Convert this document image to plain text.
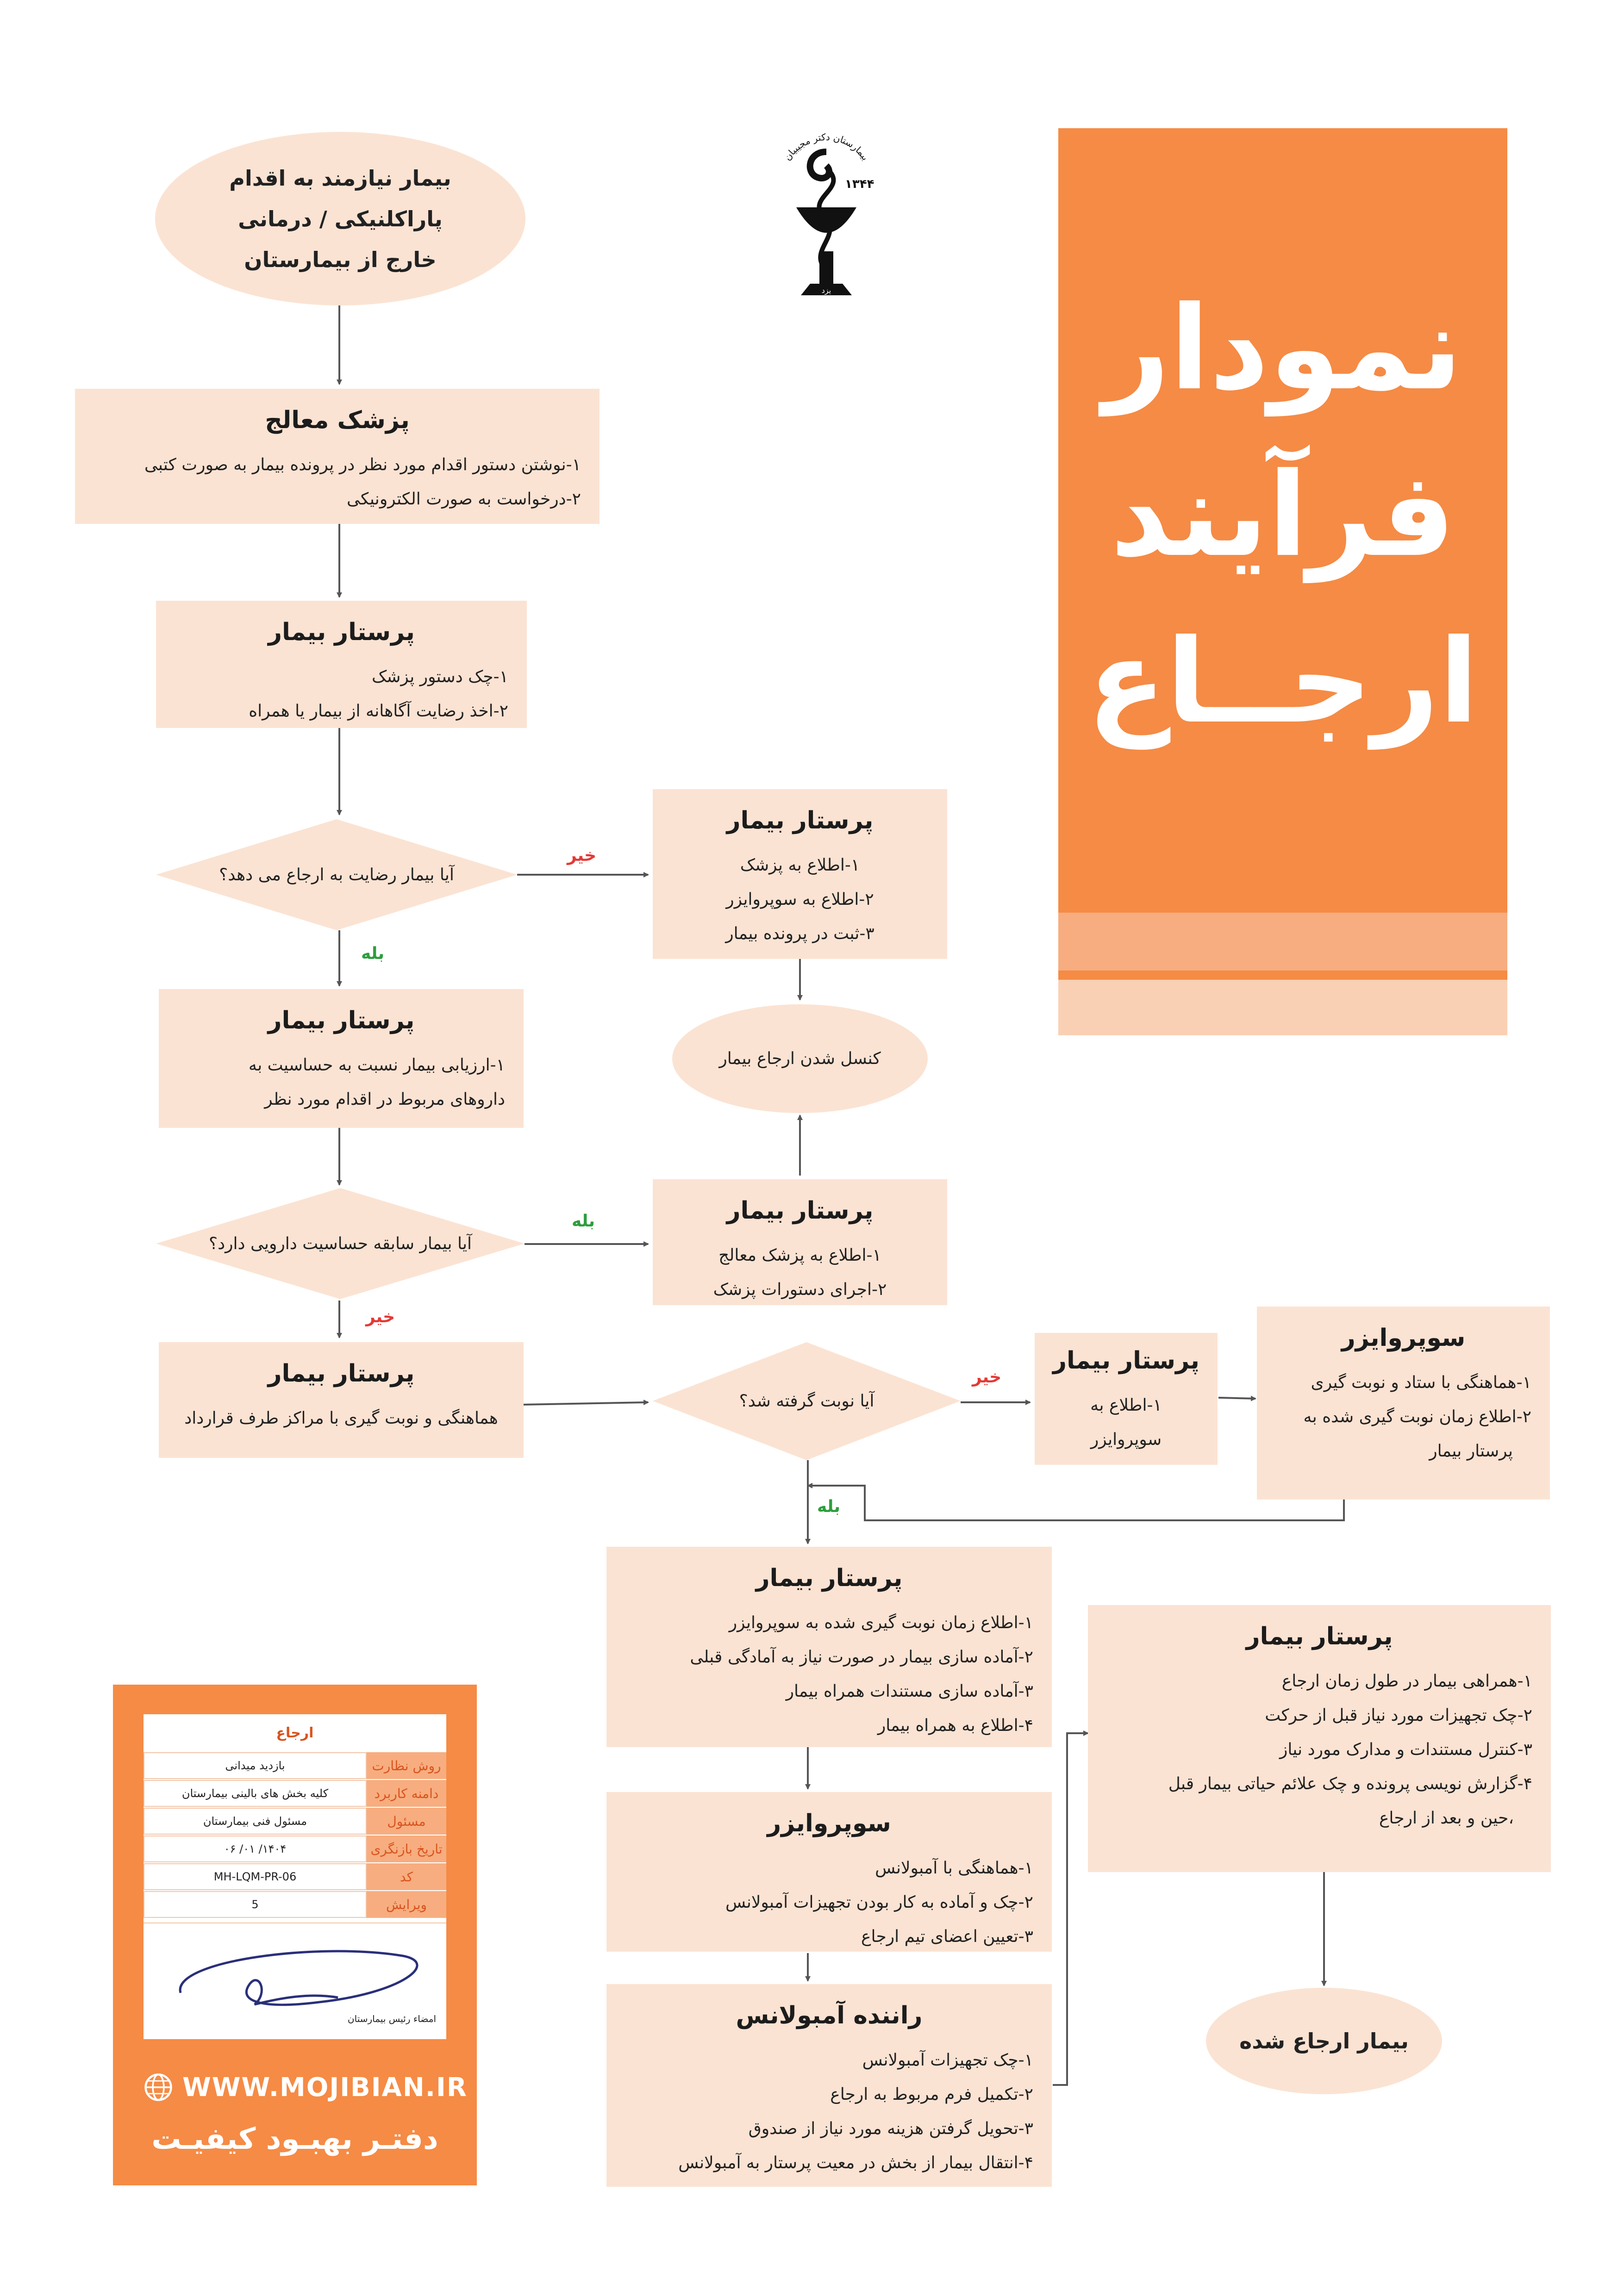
بیمار نیازمند به اقدام
پاراکلنیکی / درمانی
خارج از بیمارستان
پزشک معالج
۱-نوشتن دستور اقدام مورد نظر در پرونده بیمار به صورت کتبی
۲-درخواست به صورت الکترونیکی
پرستار بیمار
۱-چک دستور پزشک
۲-اخذ رضایت آگاهانه از بیمار یا همراه
آیا بیمار رضایت به ارجاع می دهد؟
خیر
بله
پرستار بیمار
۱-اطلاع به پزشک
۲-اطلاع به سوپروایزر
۳-ثبت در پرونده بیمار
کنسل شدن ارجاع بیمار
پرستار بیمار
۱-ارزیابی بیمار نسبت به حساسیت به
داروهای مربوط در اقدام مورد نظر
آیا بیمار سابقه حساسیت دارویی دارد؟
بله
خیر
پرستار بیمار
۱-اطلاع به پزشک معالج
۲-اجرای دستورات پزشک
پرستار بیمار
هماهنگی و نوبت گیری با مراکز طرف قرارداد
آیا نوبت گرفته شد؟
خیر
بله
پرستار بیمار
۱-اطلاع به
سوپروایزر
سوپروایزر
۱-هماهنگی با ستاد و نوبت گیری
۲-اطلاع زمان نوبت گیری شده به
پرستار بیمار
پرستار بیمار
۱-اطلاع زمان نوبت گیری شده به سوپروایزر
۲-آماده سازی بیمار در صورت نیاز به آمادگی قبلی
۳-آماده سازی مستندات همراه بیمار
۴-اطلاع به همراه بیمار
سوپروایزر
۱-هماهنگی با آمبولانس
۲-چک و آماده به کار بودن تجهیزات آمبولانس
۳-تعیین اعضای تیم ارجاع
راننده آمبولانس
۱-چک تجهیزات آمبولانس
۲-تکمیل فرم مربوط به ارجاع
۳-تحویل گرفتن هزینه مورد نیاز از صندوق
۴-انتقال بیمار از بخش در معیت پرستار به آمبولانس
پرستار بیمار
۱-همراهی بیمار در طول زمان ارجاع
۲-چک تجهیزات مورد نیاز قبل از حرکت
۳-کنترل مستندات و مدارک مورد نیاز
۴-گزارش نویسی پرونده و چک علائم حیاتی بیمار قبل
،حین و بعد از ارجاع
بیمار ارجاع شده
نمودار
فرآیند
ارجــاع
بیمارستان دکتر مجیبیان
۱۳۴۴
یزد
ارجاع
روش نظارت
بازدید میدانی
دامنه کاربرد
کلیه بخش های بالینی بیمارستان
مسئول
مسئول فنی بیمارستان
تاریخ بازنگری
۱۴۰۴/ ۰۱/ ۰۶
کد
MH-LQM-PR-06
ویرایش
5
امضاء رئیس بیمارستان
WWW.MOJIBIAN.IR
دفتـر بهبـود کیفیـت
